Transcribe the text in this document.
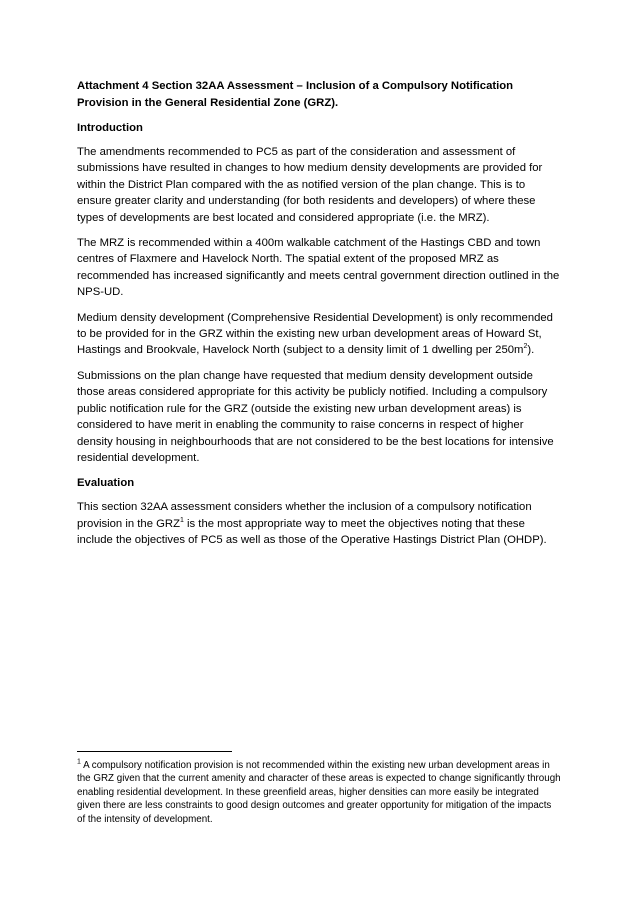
Attachment 4 Section 32AA Assessment – Inclusion of a Compulsory Notification Provision in the General Residential Zone (GRZ).

Introduction

The amendments recommended to PC5 as part of the consideration and assessment of submissions have resulted in changes to how medium density developments are provided for within the District Plan compared with the as notified version of the plan change. This is to ensure greater clarity and understanding (for both residents and developers) of where these types of developments are best located and considered appropriate (i.e. the MRZ).

The MRZ is recommended within a 400m walkable catchment of the Hastings CBD and town centres of Flaxmere and Havelock North. The spatial extent of the proposed MRZ as recommended has increased significantly and meets central government direction outlined in the NPS-UD.

Medium density development (Comprehensive Residential Development) is only recommended to be provided for in the GRZ within the existing new urban development areas of Howard St, Hastings and Brookvale, Havelock North (subject to a density limit of 1 dwelling per $250m^2$).

Submissions on the plan change have requested that medium density development outside those areas considered appropriate for this activity be publicly notified. Including a compulsory public notification rule for the GRZ (outside the existing new urban development areas) is considered to have merit in enabling the community to raise concerns in respect of higher density housing in neighbourhoods that are not considered to be the best locations for intensive residential development.

Evaluation

This section 32AA assessment considers whether the inclusion of a compulsory notification provision in the GRZ$^1$ is the most appropriate way to meet the objectives noting that these include the objectives of PC5 as well as those of the Operative Hastings District Plan (OHDP).

$^1$ A compulsory notification provision is not recommended within the existing new urban development areas in the GRZ given that the current amenity and character of these areas is expected to change significantly through enabling residential development. In these greenfield areas, higher densities can more easily be integrated given there are less constraints to good design outcomes and greater opportunity for mitigation of the impacts of the intensity of development.
